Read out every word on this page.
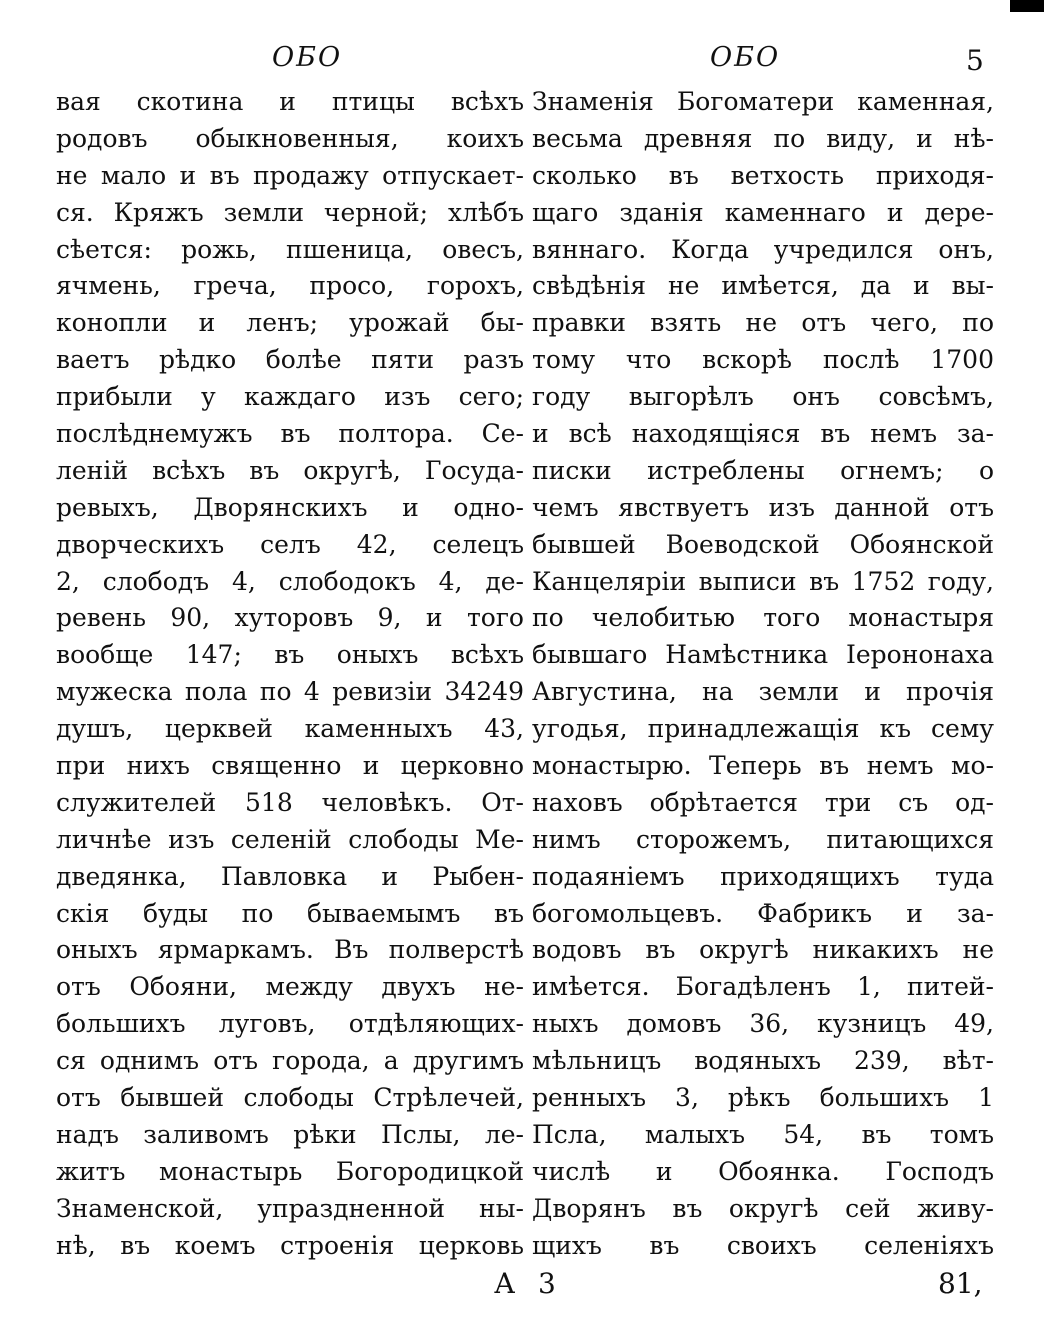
ОБО	ОБО	5
вая скотина и птицы всѣхъ
родовъ обыкновенныя, коихъ
не мало и въ продажу отпускает-
ся. Кряжъ земли черной; хлѣбъ
сѣется: рожь, пшеница, овесъ,
ячмень, греча, просо, горохъ,
конопли и ленъ; урожай бы-
ваетъ рѣдко болѣе пяти разъ
прибыли у каждаго изъ сего;
послѣднемужъ въ полтора. Се-
леній всѣхъ въ округѣ, Госуда-
ревыхъ, Дворянскихъ и одно-
дворческихъ селъ 42, селецъ
2, слободъ 4, слободокъ 4, де-
ревень 90, хуторовъ 9, и того
вообще 147; въ оныхъ всѣхъ
мужеска пола по 4 ревизіи 34249
душъ, церквей каменныхъ 43,
при нихъ священно и церковно
служителей 518 человѣкъ. От-
личнѣе изъ селеній слободы Ме-
дведянка, Павловка и Рыбен-
скія буды по бываемымъ въ
оныхъ ярмаркамъ. Въ полверстѣ
отъ Обояни, между двухъ не-
большихъ луговъ, отдѣляющих-
ся однимъ отъ города, а другимъ
отъ бывшей слободы Стрѣлечей,
надъ заливомъ рѣки Пслы, ле-
житъ монастырь Богородицкой
Знаменской, упраздненной ны-
нѣ, въ коемъ строенія церковь
Знаменія Богоматери каменная,
весьма древняя по виду, и нѣ-
сколько въ ветхость приходя-
щаго зданія каменнаго и дере-
вяннаго. Когда учредился онъ,
свѣдѣнія не имѣется, да и вы-
правки взять не отъ чего, по
тому что вскорѣ послѣ 1700
году выгорѣлъ онъ совсѣмъ,
и всѣ находящіяся въ немъ за-
писки истреблены огнемъ; о
чемъ явствуетъ изъ данной отъ
бывшей Воеводской Обоянской
Канцеляріи выписи въ 1752 году,
по челобитью того монастыря
бывшаго Намѣстника Іерононаха
Августина, на земли и прочія
угодья, принадлежащія къ сему
монастырю. Теперь въ немъ мо-
наховъ обрѣтается три съ од-
нимъ сторожемъ, питающихся
подаяніемъ приходящихъ туда
богомольцевъ. Фабрикъ и за-
водовъ въ округѣ никакихъ не
имѣется. Богадѣленъ 1, питей-
ныхъ домовъ 36, кузницъ 49,
мѣльницъ водяныхъ 239, вѣт-
ренныхъ 3, рѣкъ большихъ 1
Псла, малыхъ 54, въ томъ
числѣ и Обоянка. Господъ
Дворянъ въ округѣ сей живу-
щихъ въ своихъ селеніяхъ
А 3	81,
